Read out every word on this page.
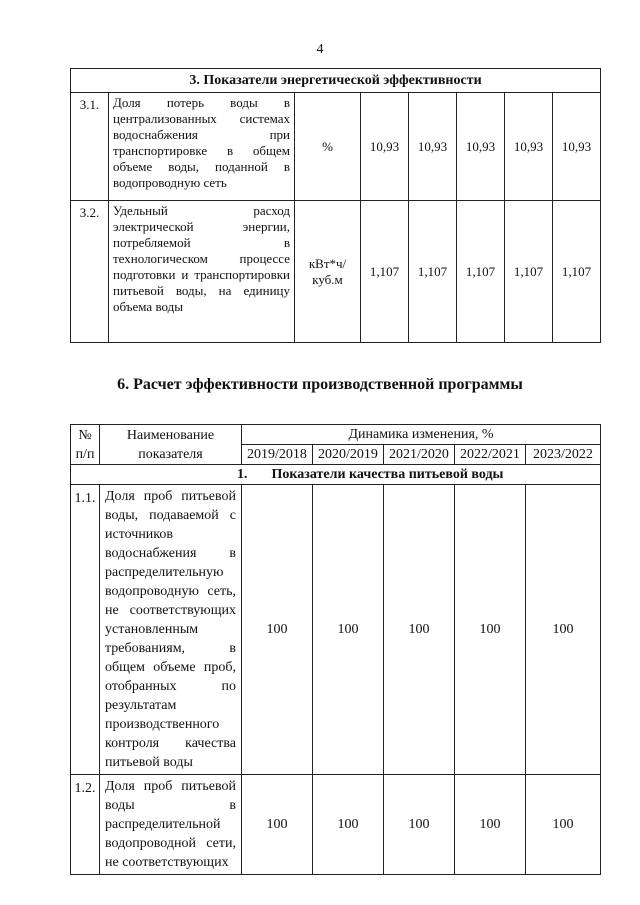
4
3. Показатели энергетической эффективности							
3.1.	Доля потерь воды в централизованных системах водоснабжения при транспортировке в общем объеме воды, поданной в водопроводную сеть	%	10,93	10,93	10,93	10,93	10,93
3.2.	Удельный расход электрической энергии, потребляемой в технологическом процессе подготовки и транспортировки питьевой воды, на единицу объема воды	кВт*ч/ куб.м	1,107	1,107	1,107	1,107	1,107
6. Расчет эффективности производственной программы
№ п/п	Наименование показателя	Динамика изменения, %				
		2019/2018	2020/2019	2021/2020	2022/2021	2023/2022
1. Показатели качества питьевой воды						
1.1.	Доля проб питьевой воды, подаваемой с источников водоснабжения в распределительную водопроводную сеть, не соответствующих установленным требованиям, в общем объеме проб, отобранных по результатам производственного контроля качества питьевой воды	100	100	100	100	100
1.2.	Доля проб питьевой воды в распределительной водопроводной сети, не соответствующих	100	100	100	100	100
